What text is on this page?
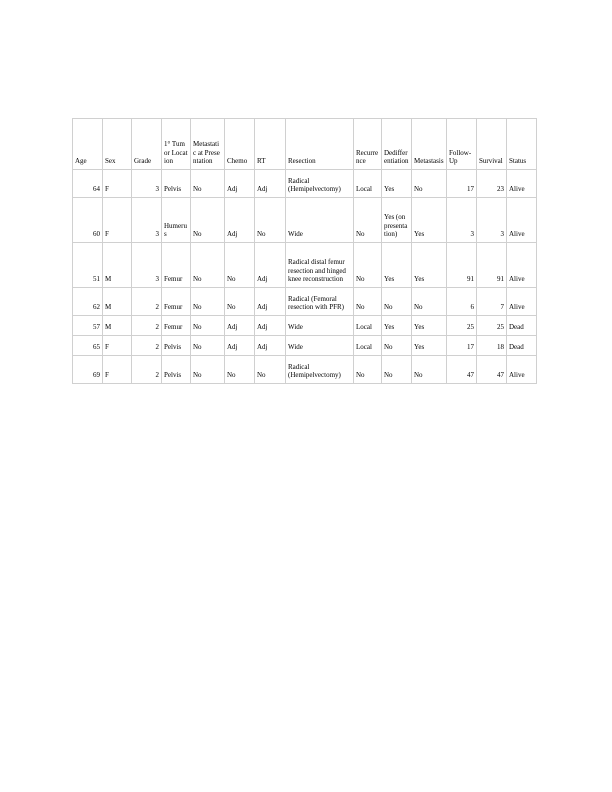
Age	Sex	Grade	1° Tumor Location	Metastatic at Presentation	Chemo	RT	Resection	Recurrence	Dedifferentiation	Metastasis	Follow-Up	Survival	Status
64	F	3	Pelvis	No	Adj	Adj	Radical (Hemipelvectomy)	Local	Yes	No	17	23	Alive
60	F	3	Humerus	No	Adj	No	Wide	No	Yes (on presentation)	Yes	3	3	Alive
51	M	3	Femur	No	No	Adj	Radical distal femur resection and hinged knee reconstruction	No	Yes	Yes	91	91	Alive
62	M	2	Femur	No	No	Adj	Radical (Femoral resection with PFR)	No	No	No	6	7	Alive
57	M	2	Femur	No	Adj	Adj	Wide	Local	Yes	Yes	25	25	Dead
65	F	2	Pelvis	No	Adj	Adj	Wide	Local	No	Yes	17	18	Dead
69	F	2	Pelvis	No	No	No	Radical (Hemipelvectomy)	No	No	No	47	47	Alive
